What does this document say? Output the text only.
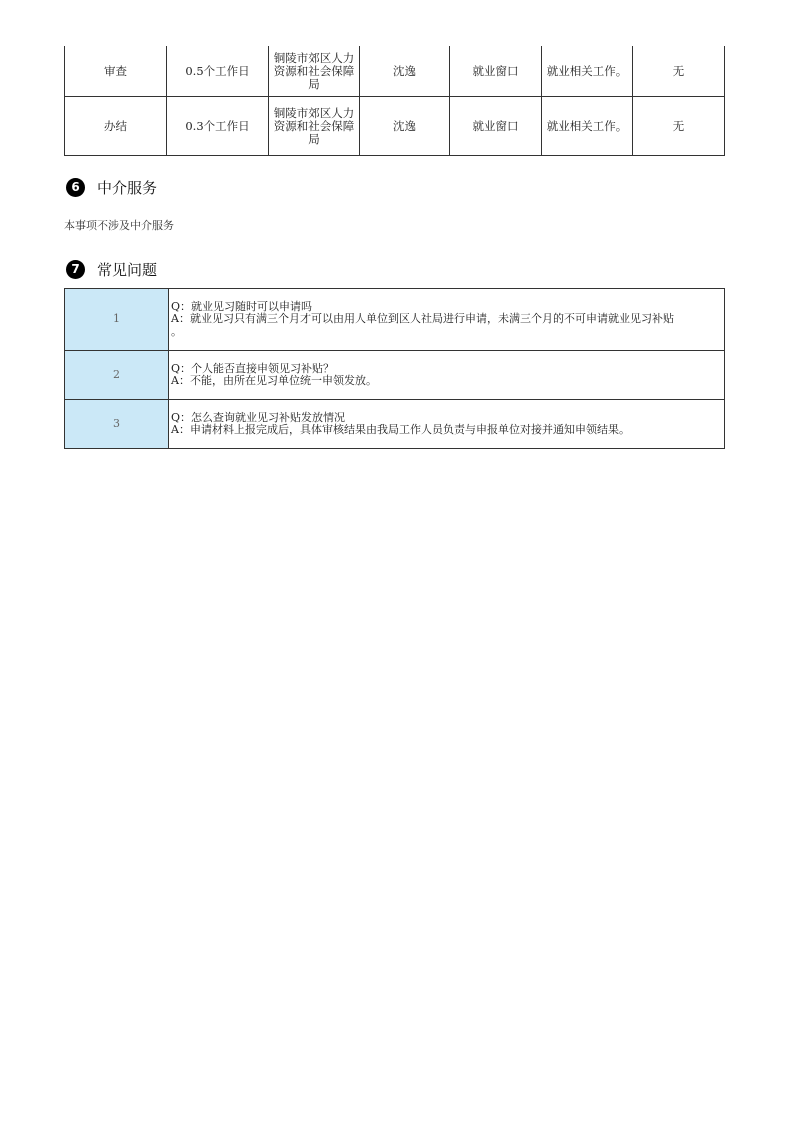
审查	0.5个工作日	铜陵市郊区人力资源和社会保障局	沈逸	就业窗口	就业相关工作。	无
办结	0.3个工作日	铜陵市郊区人力资源和社会保障局	沈逸	就业窗口	就业相关工作。	无
6	中介服务
本事项不涉及中介服务
7	常见问题
1	Q：就业见习随时可以申请吗
A：就业见习只有满三个月才可以由用人单位到区人社局进行申请，未满三个月的不可申请就业见习补贴
。

2	Q：个人能否直接申领见习补贴？
A：不能，由所在见习单位统一申领发放。

3	Q：怎么查询就业见习补贴发放情况
A：申请材料上报完成后，具体审核结果由我局工作人员负责与申报单位对接并通知申领结果。
